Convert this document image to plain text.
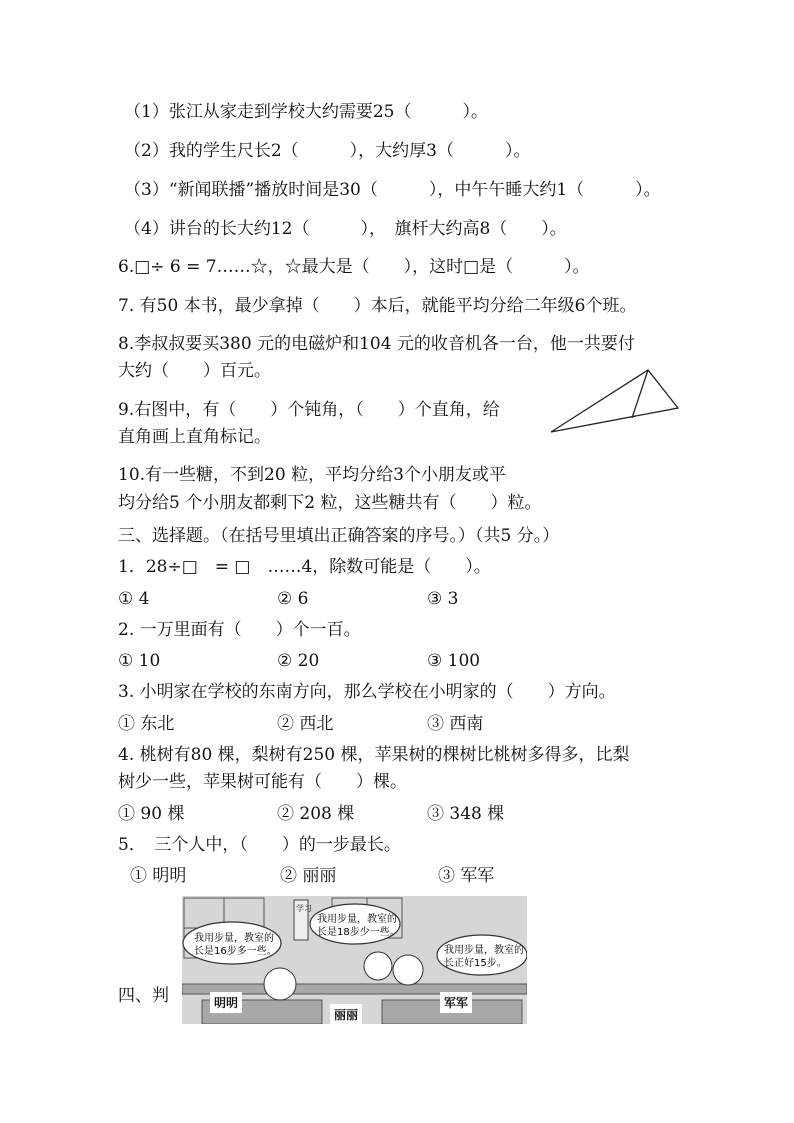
（1）张江从家走到学校大约需要25（　　　）。
（2）我的学生尺长2（　　　），大约厚3（　　　）。
（3）“新闻联播”播放时间是30（　　　），中午午睡大约1（　　　）。
（4）讲台的长大约12（　　　），　旗杆大约高8（　　）。
6.□÷ 6 = 7……☆，☆最大是（　　），这时□是（　　　）。
7. 有50 本书，最少拿掉（　　）本后，就能平均分给二年级6个班。
8.李叔叔要买380 元的电磁炉和104 元的收音机各一台，他一共要付
大约（　　）百元。
9.右图中，有（　　）个钝角，（　　）个直角，给
直角画上直角标记。
10.有一些糖，不到20 粒，平均分给3个小朋友或平
均分给5 个小朋友都剩下2 粒，这些糖共有（　　）粒。
三、选择题。（在括号里填出正确答案的序号。）（共5 分。）
1．28÷□　= □　……4，除数可能是（　　）。
① 4	② 6	③ 3
2. 一万里面有（　　）个一百。
① 10	② 20	③ 100
3. 小明家在学校的东南方向，那么学校在小明家的（　　）方向。
① 东北	② 西北	③ 西南
4. 桃树有80 棵，梨树有250 棵，苹果树的棵树比桃树多得多，比梨
树少一些，苹果树可能有（　　）棵。
① 90 棵	② 208 棵	③ 348 棵
5．　三个人中，（　　）的一步最长。
① 明明	② 丽丽	③ 军军
学习
我用步量，教室的
长是16步多一些。
我用步量，教室的
长是18步少一些。
我用步量，教室的
长正好15步。
明明
丽丽
军军
四、判
